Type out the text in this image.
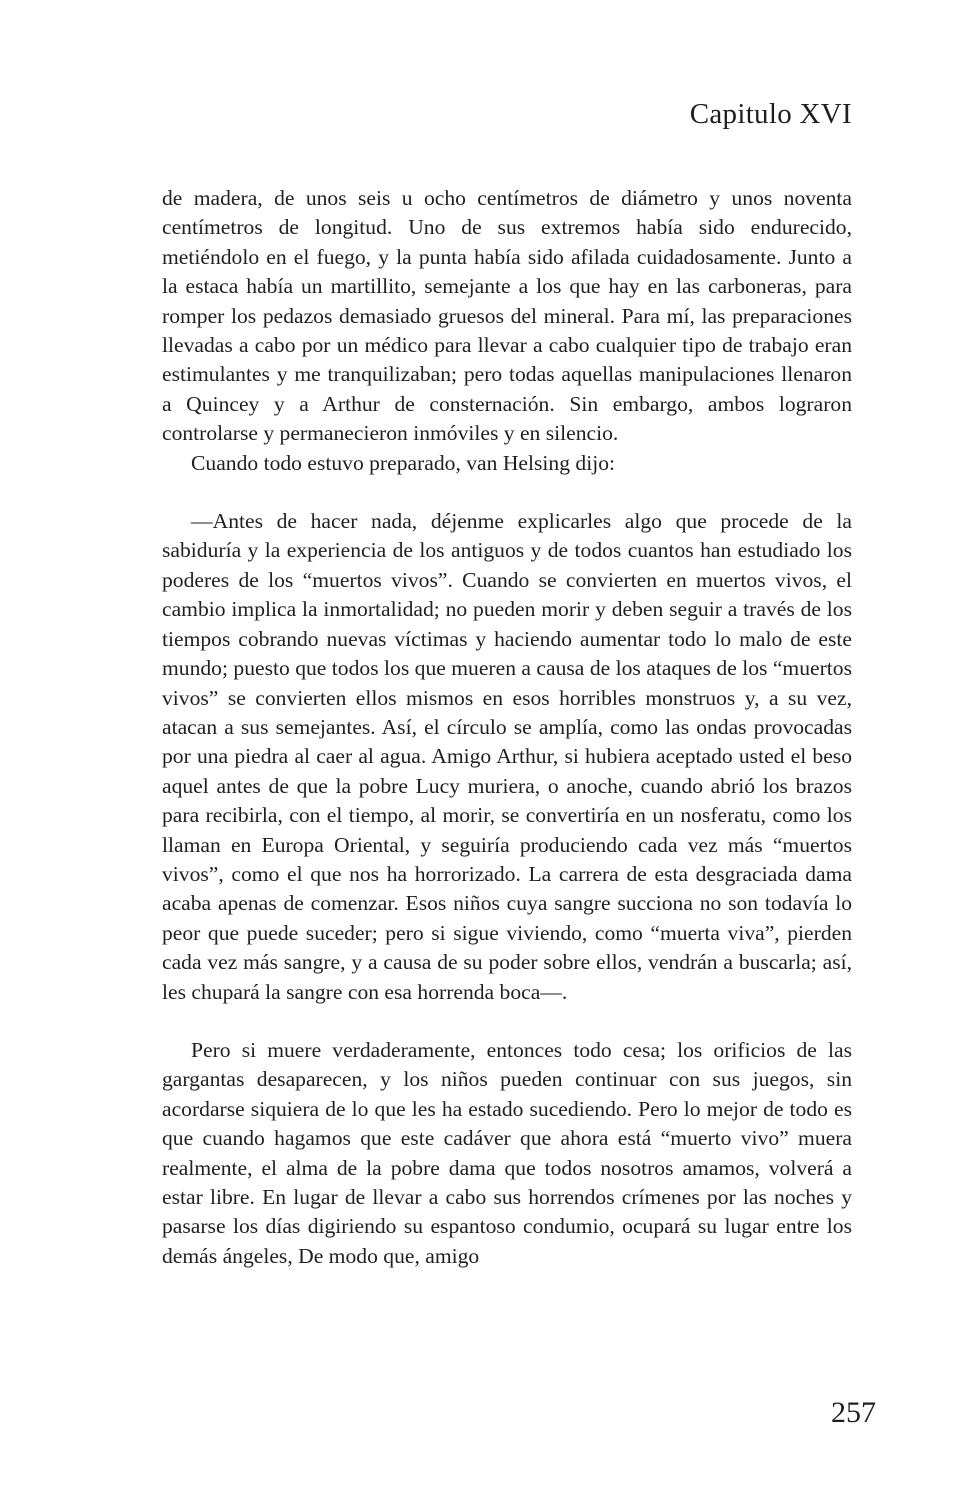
Capitulo XVI

de madera, de unos seis u ocho centímetros de diámetro y unos noventa centímetros de longitud. Uno de sus extremos había sido endurecido, metiéndolo en el fuego, y la punta había sido afilada cuidadosamente. Junto a la estaca había un martillito, semejante a los que hay en las carboneras, para romper los pedazos demasiado gruesos del mineral. Para mí, las preparaciones llevadas a cabo por un médico para llevar a cabo cualquier tipo de trabajo eran estimulantes y me tranquilizaban; pero todas aquellas manipulaciones llenaron a Quincey y a Arthur de consternación. Sin embargo, ambos lograron controlarse y permanecieron inmóviles y en silencio.

Cuando todo estuvo preparado, van Helsing dijo:

—Antes de hacer nada, déjenme explicarles algo que procede de la sabiduría y la experiencia de los antiguos y de todos cuantos han estudiado los poderes de los “muertos vivos”. Cuando se convierten en muertos vivos, el cambio implica la inmortalidad; no pueden morir y deben seguir a través de los tiempos cobrando nuevas víctimas y haciendo aumentar todo lo malo de este mundo; puesto que todos los que mueren a causa de los ataques de los “muertos vivos” se convierten ellos mismos en esos horribles monstruos y, a su vez, atacan a sus semejantes. Así, el círculo se amplía, como las ondas provocadas por una piedra al caer al agua. Amigo Arthur, si hubiera aceptado usted el beso aquel antes de que la pobre Lucy muriera, o anoche, cuando abrió los brazos para recibirla, con el tiempo, al morir, se convertiría en un nosferatu, como los llaman en Europa Oriental, y seguiría produciendo cada vez más “muertos vivos”, como el que nos ha horrorizado. La carrera de esta desgraciada dama acaba apenas de comenzar. Esos niños cuya sangre succiona no son todavía lo peor que puede suceder; pero si sigue viviendo, como “muerta viva”, pierden cada vez más sangre, y a causa de su poder sobre ellos, vendrán a buscarla; así, les chupará la sangre con esa horrenda boca—.

Pero si muere verdaderamente, entonces todo cesa; los orificios de las gargantas desaparecen, y los niños pueden continuar con sus juegos, sin acordarse siquiera de lo que les ha estado sucediendo. Pero lo mejor de todo es que cuando hagamos que este cadáver que ahora está “muerto vivo” muera realmente, el alma de la pobre dama que todos nosotros amamos, volverá a estar libre. En lugar de llevar a cabo sus horrendos crímenes por las noches y pasarse los días digiriendo su espantoso condumio, ocupará su lugar entre los demás ángeles, De modo que, amigo

257
